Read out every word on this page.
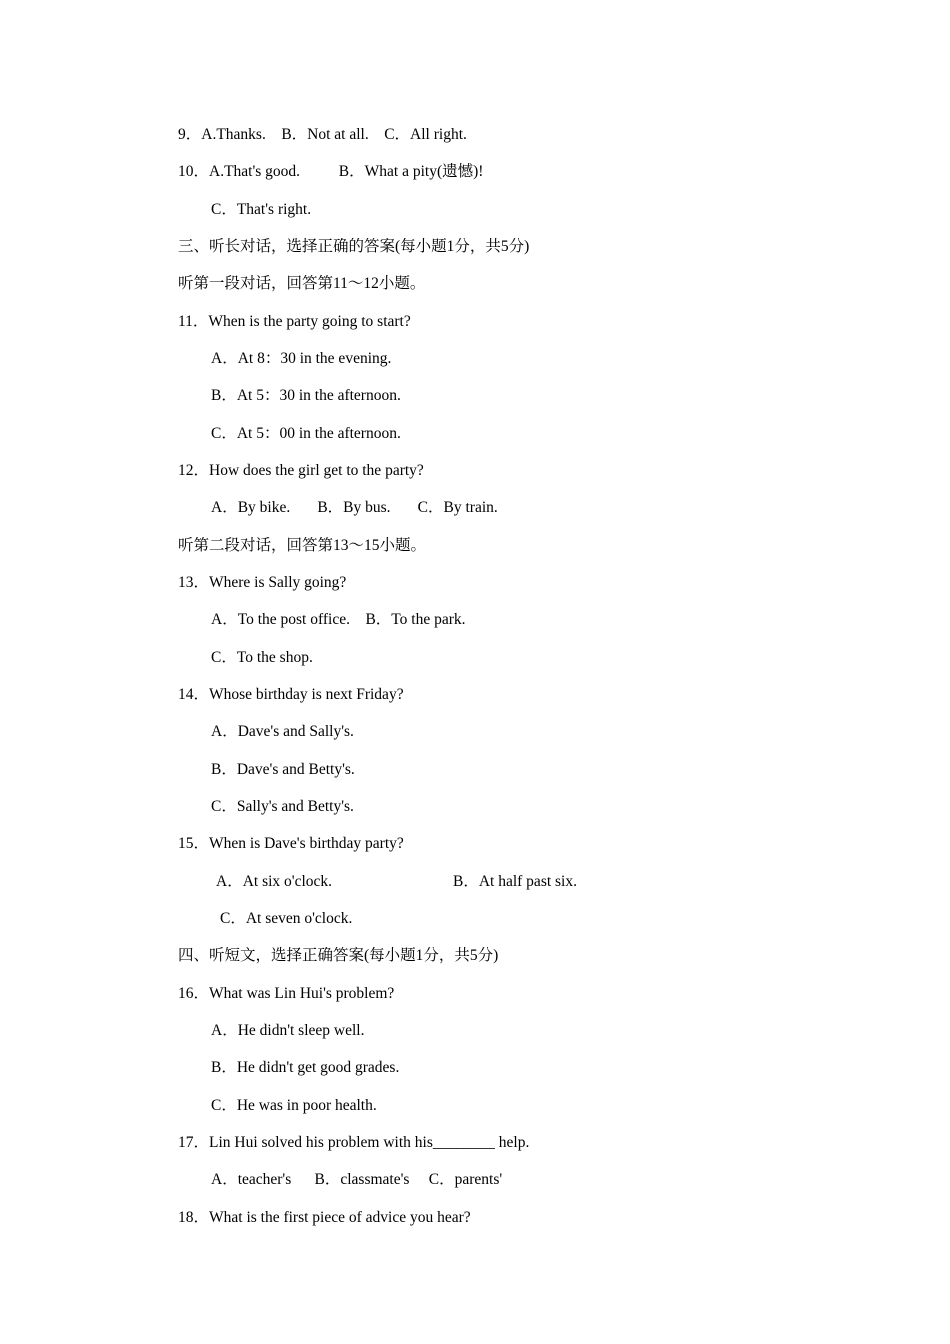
9．A.Thanks.    B．Not at all.    C．All right.
10．A.That's good.          B．What a pity(遗憾)!
C．That's right.
三、听长对话，选择正确的答案(每小题1分，共5分)
听第一段对话，回答第11～12小题。
11．When is the party going to start?
A．At 8：30 in the evening.
B．At 5：30 in the afternoon.
C．At 5：00 in the afternoon.
12．How does the girl get to the party?
A．By bike.       B．By bus.       C．By train.
听第二段对话，回答第13～15小题。
13．Where is Sally going?
A．To the post office.    B．To the park.
C．To the shop.
14．Whose birthday is next Friday?
A．Dave's and Sally's.
B．Dave's and Betty's.
C．Sally's and Betty's.
15．When is Dave's birthday party?
A．At six o'clock.	B．At half past six.
C．At seven o'clock.
四、听短文，选择正确答案(每小题1分，共5分)
16．What was Lin Hui's problem?
A．He didn't sleep well.
B．He didn't get good grades.
C．He was in poor health.
17．Lin Hui solved his problem with his________ help.
A．teacher's      B．classmate's     C．parents'
18．What is the first piece of advice you hear?
